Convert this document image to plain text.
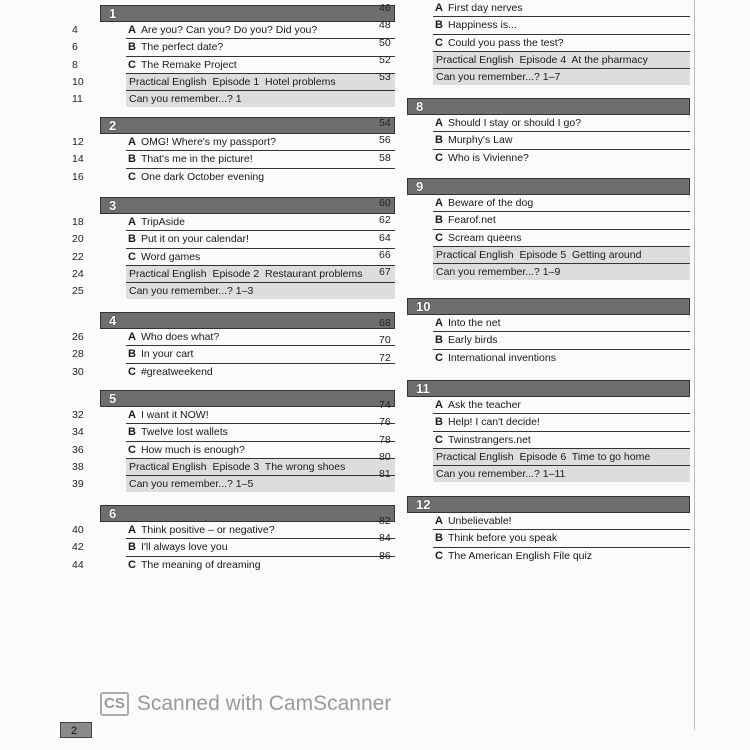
1
4	A Are you? Can you? Do you? Did you?
6	B The perfect date?
8	C The Remake Project
10	Practical English  Episode 1  Hotel problems
11	Can you remember...? 1
2
12	A OMG! Where's my passport?
14	B That's me in the picture!
16	C One dark October evening
3
18	A TripAside
20	B Put it on your calendar!
22	C Word games
24	Practical English  Episode 2  Restaurant problems
25	Can you remember...? 1–3
4
26	A Who does what?
28	B In your cart
30	C #greatweekend
5
32	A I want it NOW!
34	B Twelve lost wallets
36	C How much is enough?
38	Practical English  Episode 3  The wrong shoes
39	Can you remember...? 1–5
6
40	A Think positive – or negative?
42	B I'll always love you
44	C The meaning of dreaming
46	A First day nerves
48	B Happiness is...
50	C Could you pass the test?
52	Practical English  Episode 4  At the pharmacy
53	Can you remember...? 1–7
8
54	A Should I stay or should I go?
56	B Murphy's Law
58	C Who is Vivienne?
9
60	A Beware of the dog
62	B Fearof.net
64	C Scream queens
66	Practical English  Episode 5  Getting around
67	Can you remember...? 1–9
10
68	A Into the net
70	B Early birds
72	C International inventions
11
74	A Ask the teacher
76	B Help! I can't decide!
78	C Twinstrangers.net
80	Practical English  Episode 6  Time to go home
81	Can you remember...? 1–11
12
82	A Unbelievable!
84	B Think before you speak
86	C The American English File quiz
2
CS Scanned with CamScanner
